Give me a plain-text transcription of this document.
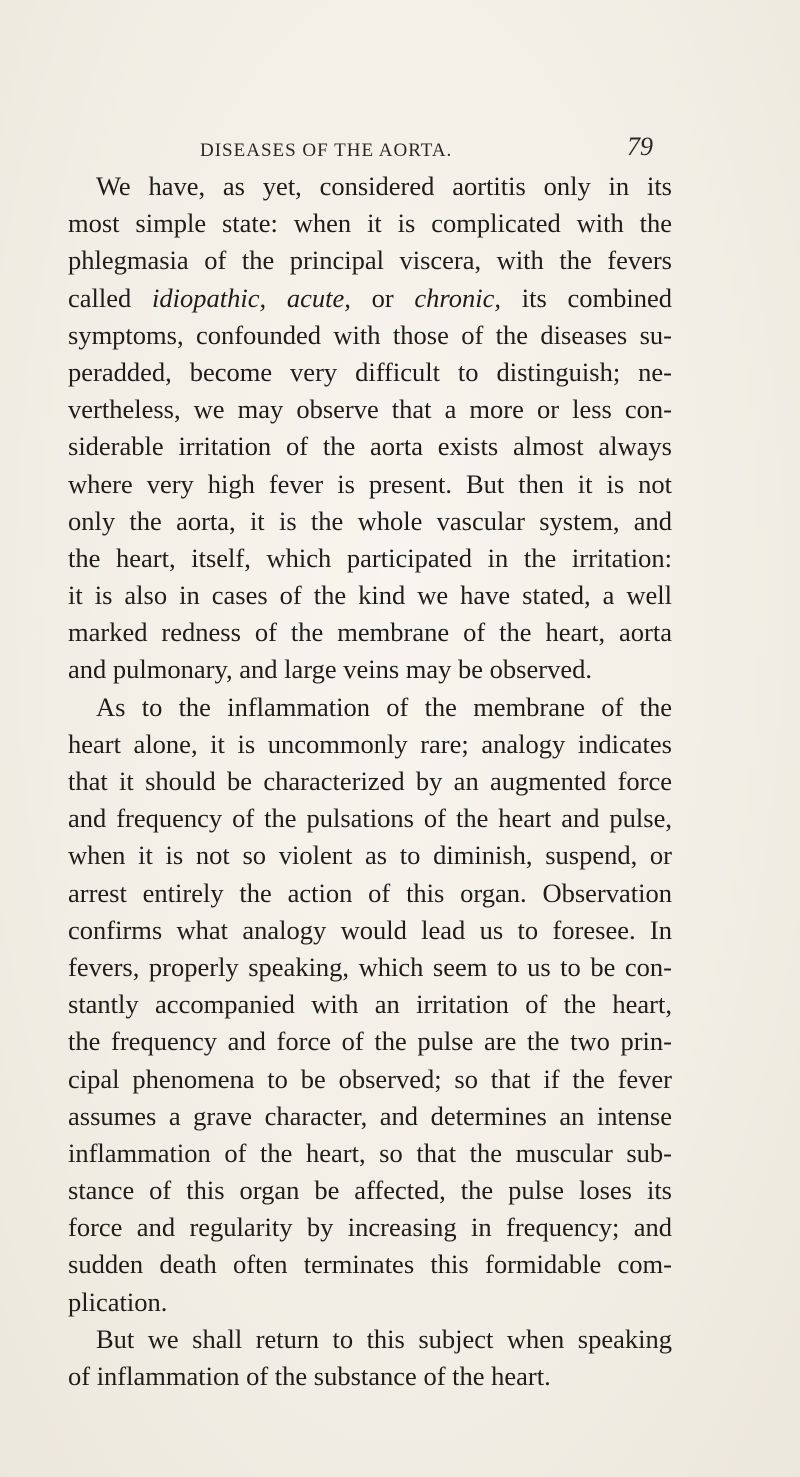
DISEASES OF THE AORTA.	79
We have, as yet, considered aortitis only in its
most simple state: when it is complicated with the
phlegmasia of the principal viscera, with the fevers
called idiopathic, acute, or chronic, its combined
symptoms, confounded with those of the diseases su-
peradded, become very difficult to distinguish; ne-
vertheless, we may observe that a more or less con-
siderable irritation of the aorta exists almost always
where very high fever is present. But then it is not
only the aorta, it is the whole vascular system, and
the heart, itself, which participated in the irritation:
it is also in cases of the kind we have stated, a well
marked redness of the membrane of the heart, aorta
and pulmonary, and large veins may be observed.
As to the inflammation of the membrane of the
heart alone, it is uncommonly rare; analogy indicates
that it should be characterized by an augmented force
and frequency of the pulsations of the heart and pulse,
when it is not so violent as to diminish, suspend, or
arrest entirely the action of this organ. Observation
confirms what analogy would lead us to foresee. In
fevers, properly speaking, which seem to us to be con-
stantly accompanied with an irritation of the heart,
the frequency and force of the pulse are the two prin-
cipal phenomena to be observed; so that if the fever
assumes a grave character, and determines an intense
inflammation of the heart, so that the muscular sub-
stance of this organ be affected, the pulse loses its
force and regularity by increasing in frequency; and
sudden death often terminates this formidable com-
plication.
But we shall return to this subject when speaking
of inflammation of the substance of the heart.
